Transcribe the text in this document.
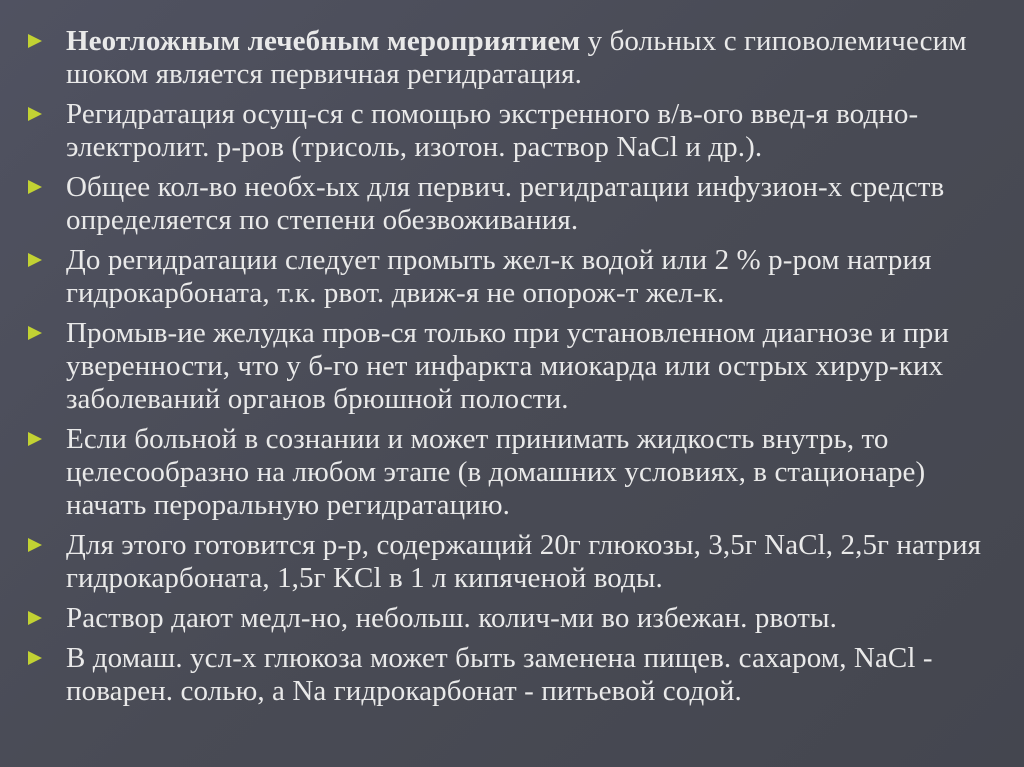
Неотложным лечебным мероприятием у больных с гиповолемичесим шоком является первичная регидратация.
Регидратация осущ-ся с помощью экстренного в/в-ого введ-я водно-электролит. р-ров (трисоль, изотон. раствор NaCl и др.).
Общее кол-во необх-ых для первич. регидратации инфузион-х средств определяется по степени обезвоживания.
До регидратации следует промыть жел-к водой или 2 % р-ром натрия гидрокарбоната, т.к. рвот. движ-я не опорож-т жел-к.
Промыв-ие желудка пров-ся только при установленном диагнозе и при уверенности, что у б-го нет инфаркта миокарда или острых хирур-ких заболеваний органов брюшной полости.
Если больной в сознании и может принимать жидкость внутрь, то целесообразно на любом этапе (в домашних условиях, в стационаре) начать пероральную регидратацию.
Для этого готовится р-р, содержащий 20г глюкозы, 3,5г NaCl, 2,5г натрия гидрокарбоната, 1,5г KCl в 1 л кипяченой воды.
Раствор дают медл-но, небольш. колич-ми во избежан. рвоты.
В домаш. усл-х глюкоза может быть заменена пищев. сахаром, NaCl - поварен. солью, а Na гидрокарбонат - питьевой содой.
